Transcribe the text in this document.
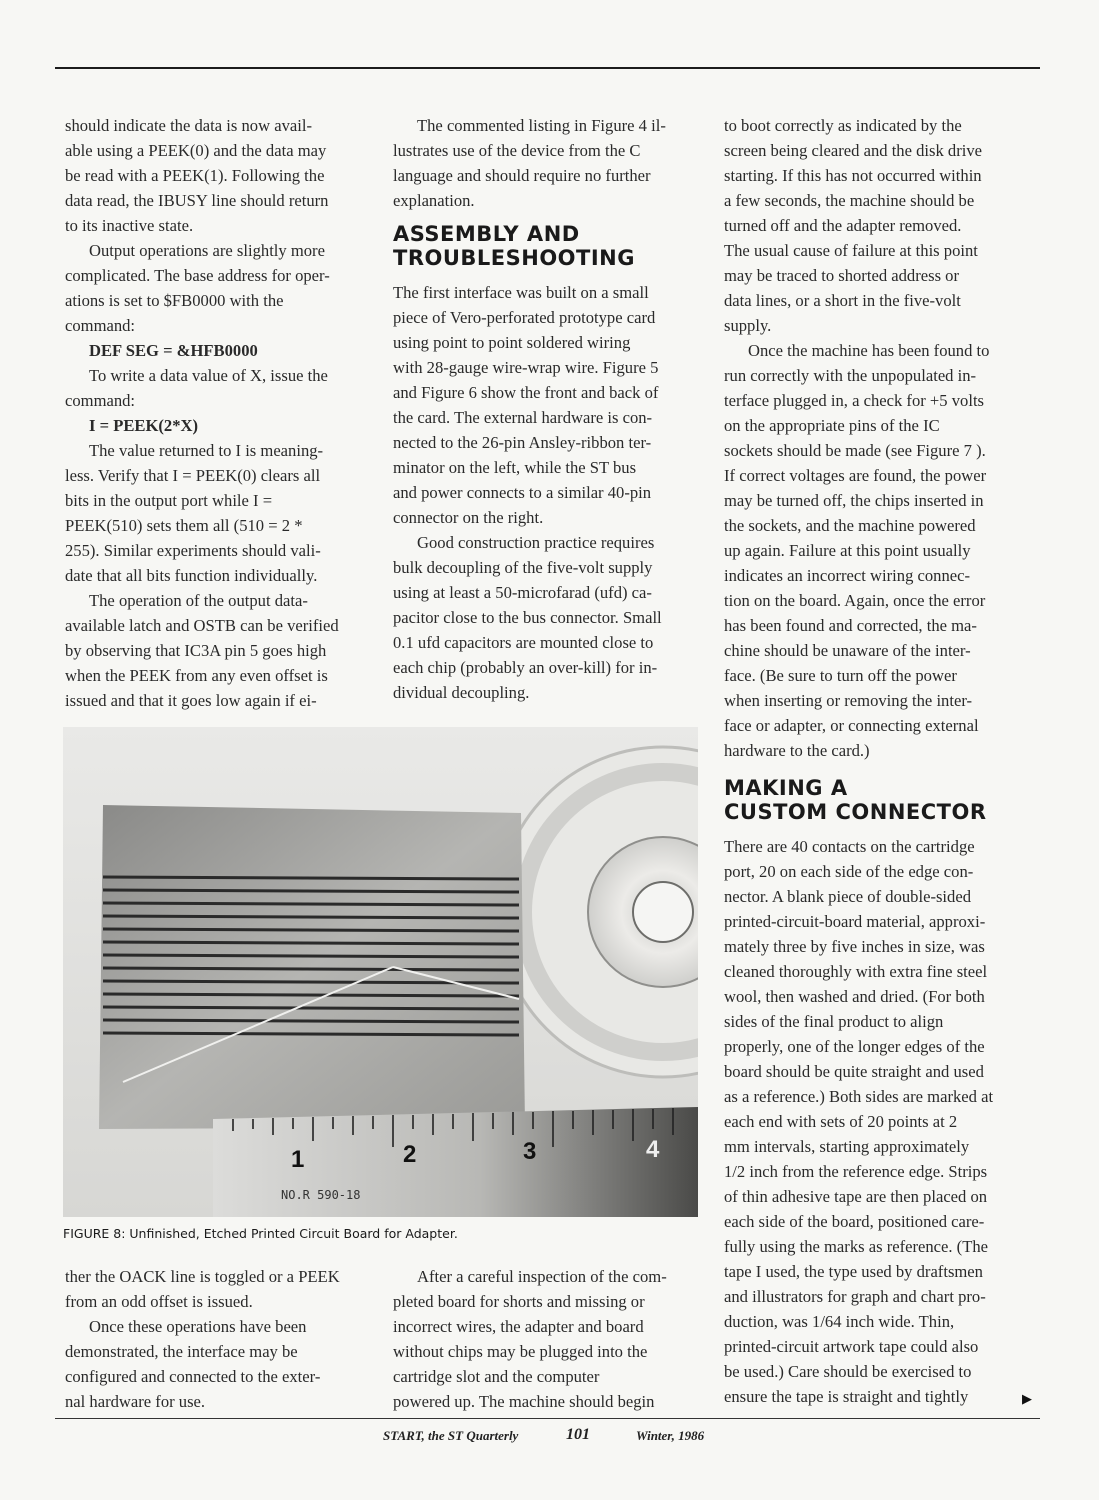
should indicate the data is now avail-

able using a PEEK(0) and the data may

be read with a PEEK(1). Following the

data read, the IBUSY line should return

to its inactive state.

Output operations are slightly more

complicated. The base address for oper-

ations is set to $FB0000 with the

command:

DEF SEG = &HFB0000

To write a data value of X, issue the

command:

I = PEEK(2*X)

The value returned to I is meaning-

less. Verify that I = PEEK(0) clears all

bits in the output port while I =

PEEK(510) sets them all (510 = 2 *

255). Similar experiments should vali-

date that all bits function individually.

The operation of the output data-

available latch and OSTB can be verified

by observing that IC3A pin 5 goes high

when the PEEK from any even offset is

issued and that it goes low again if ei-

The commented listing in Figure 4 il-

lustrates use of the device from the C

language and should require no further

explanation.

ASSEMBLY AND
TROUBLESHOOTING

The first interface was built on a small

piece of Vero-perforated prototype card

using point to point soldered wiring

with 28-gauge wire-wrap wire. Figure 5

and Figure 6 show the front and back of

the card. The external hardware is con-

nected to the 26-pin Ansley-ribbon ter-

minator on the left, while the ST bus

and power connects to a similar 40-pin

connector on the right.

Good construction practice requires

bulk decoupling of the five-volt supply

using at least a 50-microfarad (ufd) ca-

pacitor close to the bus connector. Small

0.1 ufd capacitors are mounted close to

each chip (probably an over-kill) for in-

dividual decoupling.

to boot correctly as indicated by the

screen being cleared and the disk drive

starting. If this has not occurred within

a few seconds, the machine should be

turned off and the adapter removed.

The usual cause of failure at this point

may be traced to shorted address or

data lines, or a short in the five-volt

supply.

Once the machine has been found to

run correctly with the unpopulated in-

terface plugged in, a check for +5 volts

on the appropriate pins of the IC

sockets should be made (see Figure 7 ).

If correct voltages are found, the power

may be turned off, the chips inserted in

the sockets, and the machine powered

up again. Failure at this point usually

indicates an incorrect wiring connec-

tion on the board. Again, once the error

has been found and corrected, the ma-

chine should be unaware of the inter-

face. (Be sure to turn off the power

when inserting or removing the inter-

face or adapter, or connecting external

hardware to the card.)

MAKING A
CUSTOM CONNECTOR

There are 40 contacts on the cartridge

port, 20 on each side of the edge con-

nector. A blank piece of double-sided

printed-circuit-board material, approxi-

mately three by five inches in size, was

cleaned thoroughly with extra fine steel

wool, then washed and dried. (For both

sides of the final product to align

properly, one of the longer edges of the

board should be quite straight and used

as a reference.) Both sides are marked at

each end with sets of 20 points at 2

mm intervals, starting approximately

1/2 inch from the reference edge. Strips

of thin adhesive tape are then placed on

each side of the board, positioned care-

fully using the marks as reference. (The

tape I used, the type used by draftsmen

and illustrators for graph and chart pro-

duction, was 1/64 inch wide. Thin,

printed-circuit artwork tape could also

be used.) Care should be exercised to

ensure the tape is straight and tightly	▶
1	2	3	4
NO.R 590-18
FIGURE 8: Unfinished, Etched Printed Circuit Board for Adapter.

ther the OACK line is toggled or a PEEK

from an odd offset is issued.

Once these operations have been

demonstrated, the interface may be

configured and connected to the exter-

nal hardware for use.

After a careful inspection of the com-

pleted board for shorts and missing or

incorrect wires, the adapter and board

without chips may be plugged into the

cartridge slot and the computer

powered up. The machine should begin

START, the ST Quarterly	101	Winter, 1986
